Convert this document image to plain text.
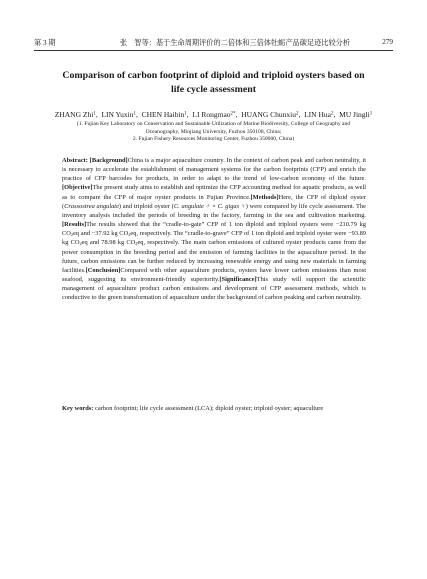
第 3 期	张　智等：基于生命周期评价的二倍体和三倍体牡蛎产品碳足迹比较分析	279
Comparison of carbon footprint of diploid and triploid oysters based on
life cycle assessment
ZHANG Zhi$^1$,  LIN Yuxin$^1$,  CHEN Haibin$^1$,  LI Rongmao$^{2*}$,  HUANG Chunxiu$^2$,  LIN Hua$^2$,  MU Jingli$^1$
(1. Fujian Key Laboratory on Conservation and Sustainable Utilization of Marine Biodiversity, College of Geography and
Oceanography, Minjiang University, Fuzhou 350108, China;
2. Fujian Fishery Resources Monitoring Center, Fuzhou 350000, China)
Abstract: [Background]China is a major aquaculture country. In the context of carbon peak and carbon neutrality, it is necessary to accelerate the establishment of management systems for the carbon footprints (CFP) and enrich the practice of CFP barcodes for products, in order to adapt to the trend of low-carbon economy of the future.[Objective]The present study aims to establish and optimize the CFP accounting method for aquatic products, as well as to compare the CFP of major oyster products in Fujian Province.[Methods]Here, the CFP of diploid oyster (Crassostrea angulate) and triploid oyster (C. angulate ♂ × C. gigas ♀) were compared by life cycle assessment. The inventory analysis included the periods of breeding in the factory, farming in the sea and cultivation marketing.[Results]The results showed that the “cradle-to-gate” CFP of 1 ton diploid and triploid oysters were −210.79 kg $CO_2eq$ and −37.92 kg $CO_2eq$, respectively. The “cradle-to-grave” CFP of 1 ton diploid and triploid oyster were −93.89 kg $CO_2eq$ and 78.98 kg $CO_2eq$, respectively. The main carbon emissions of cultured oyster products came from the power consumption in the breeding period and the emission of farming facilities in the aquaculture period. In the future, carbon emissions can be further reduced by increasing renewable energy and using new materials in farming facilities.[Conclusion]Compared with other aquaculture products, oysters have lower carbon emissions than most seafood, suggesting its environment-friendly superiority.[Significance]This study will support the scientific management of aquaculture product carbon emissions and development of CFP assessment methods, which is conductive to the green transformation of aquaculture under the background of carbon peaking and carbon neutrality.
Key words: carbon footprint; life cycle assessment (LCA); diploid oyster; triploid oyster; aquaculture
